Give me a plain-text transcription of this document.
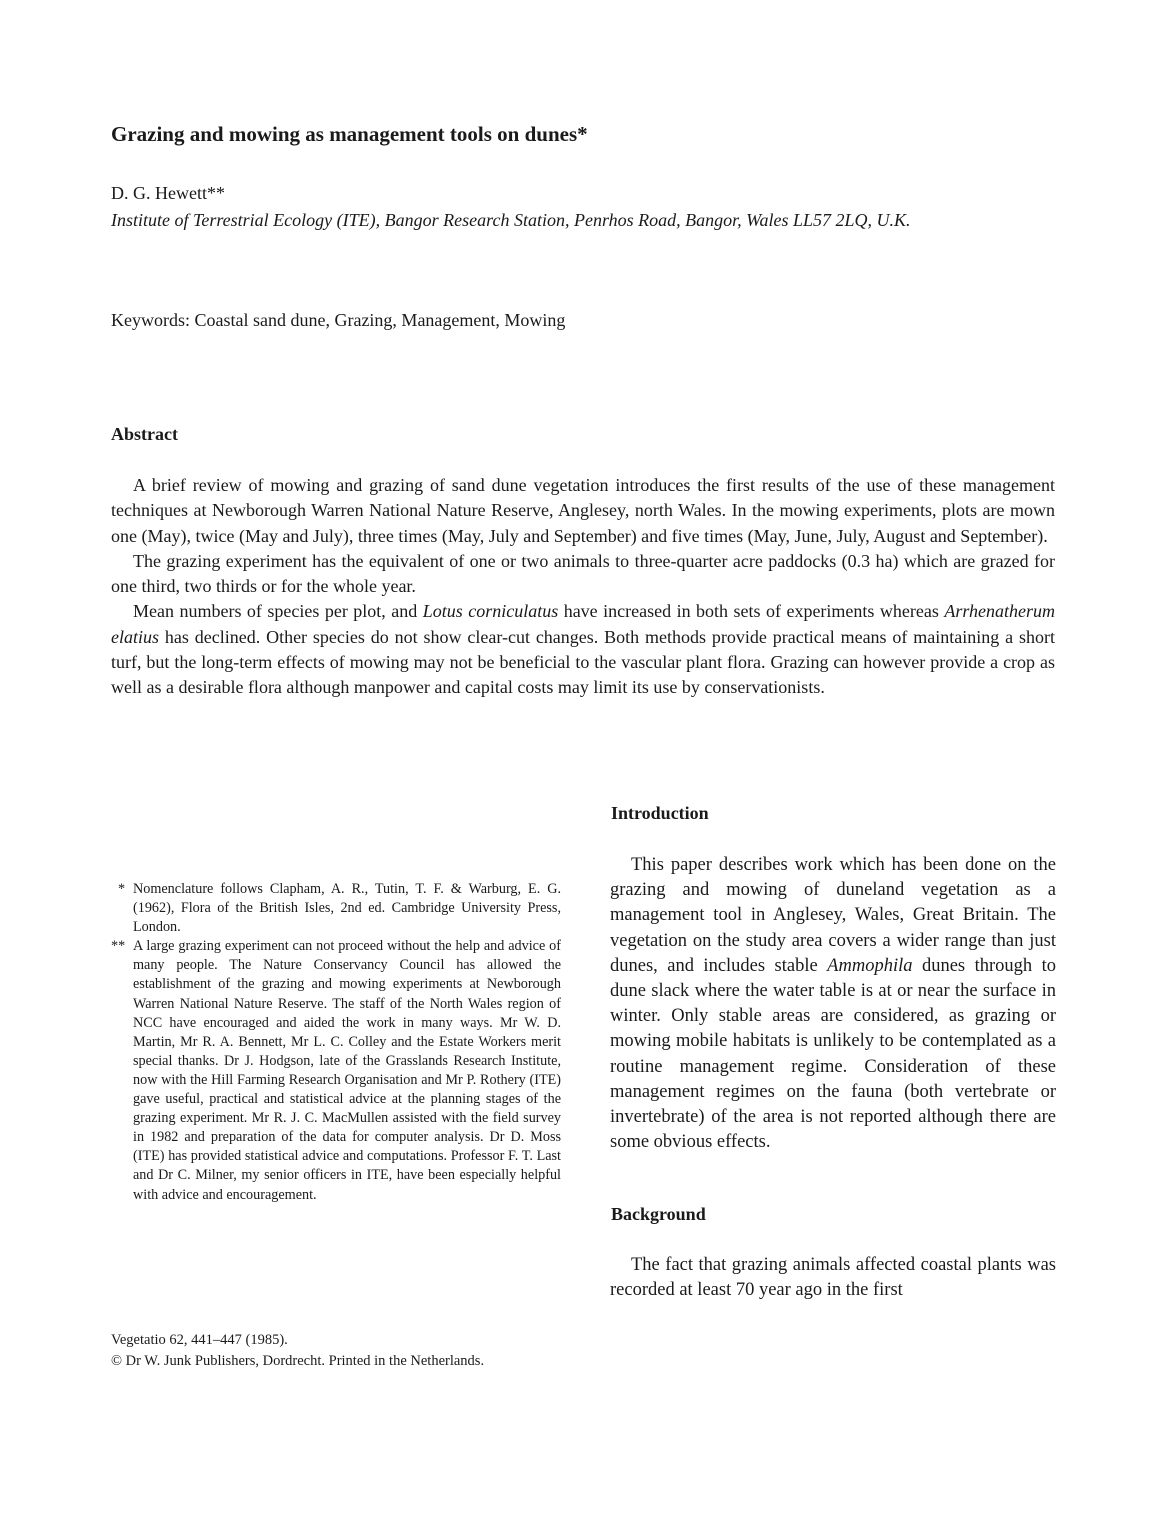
Grazing and mowing as management tools on dunes*
D. G. Hewett**
Institute of Terrestrial Ecology (ITE), Bangor Research Station, Penrhos Road, Bangor, Wales LL57 2LQ, U.K.
Keywords: Coastal sand dune, Grazing, Management, Mowing
Abstract

A brief review of mowing and grazing of sand dune vegetation introduces the first results of the use of these management techniques at Newborough Warren National Nature Reserve, Anglesey, north Wales. In the mowing experiments, plots are mown one (May), twice (May and July), three times (May, July and September) and five times (May, June, July, August and September).

The grazing experiment has the equivalent of one or two animals to three-quarter acre paddocks (0.3 ha) which are grazed for one third, two thirds or for the whole year.

Mean numbers of species per plot, and Lotus corniculatus have increased in both sets of experiments whereas Arrhenatherum elatius has declined. Other species do not show clear-cut changes. Both methods provide practical means of maintaining a short turf, but the long-term effects of mowing may not be beneficial to the vascular plant flora. Grazing can however provide a crop as well as a desirable flora although manpower and capital costs may limit its use by conservationists.

* Nomenclature follows Clapham, A. R., Tutin, T. F. & Warburg, E. G. (1962), Flora of the British Isles, 2nd ed. Cambridge University Press, London.

** A large grazing experiment can not proceed without the help and advice of many people. The Nature Conservancy Council has allowed the establishment of the grazing and mowing experiments at Newborough Warren National Nature Reserve. The staff of the North Wales region of NCC have encouraged and aided the work in many ways. Mr W. D. Martin, Mr R. A. Bennett, Mr L. C. Colley and the Estate Workers merit special thanks. Dr J. Hodgson, late of the Grasslands Research Institute, now with the Hill Farming Research Organisation and Mr P. Rothery (ITE) gave useful, practical and statistical advice at the planning stages of the grazing experiment. Mr R. J. C. MacMullen assisted with the field survey in 1982 and preparation of the data for computer analysis. Dr D. Moss (ITE) has provided statistical advice and computations. Professor F. T. Last and Dr C. Milner, my senior officers in ITE, have been especially helpful with advice and encouragement.

Vegetatio 62, 441–447 (1985).
© Dr W. Junk Publishers, Dordrecht. Printed in the Netherlands.
Introduction

This paper describes work which has been done on the grazing and mowing of duneland vegetation as a management tool in Anglesey, Wales, Great Britain. The vegetation on the study area covers a wider range than just dunes, and includes stable Ammophila dunes through to dune slack where the water table is at or near the surface in winter. Only stable areas are considered, as grazing or mowing mobile habitats is unlikely to be contemplated as a routine management regime. Consideration of these management regimes on the fauna (both vertebrate or invertebrate) of the area is not reported although there are some obvious effects.

Background

The fact that grazing animals affected coastal plants was recorded at least 70 year ago in the first
